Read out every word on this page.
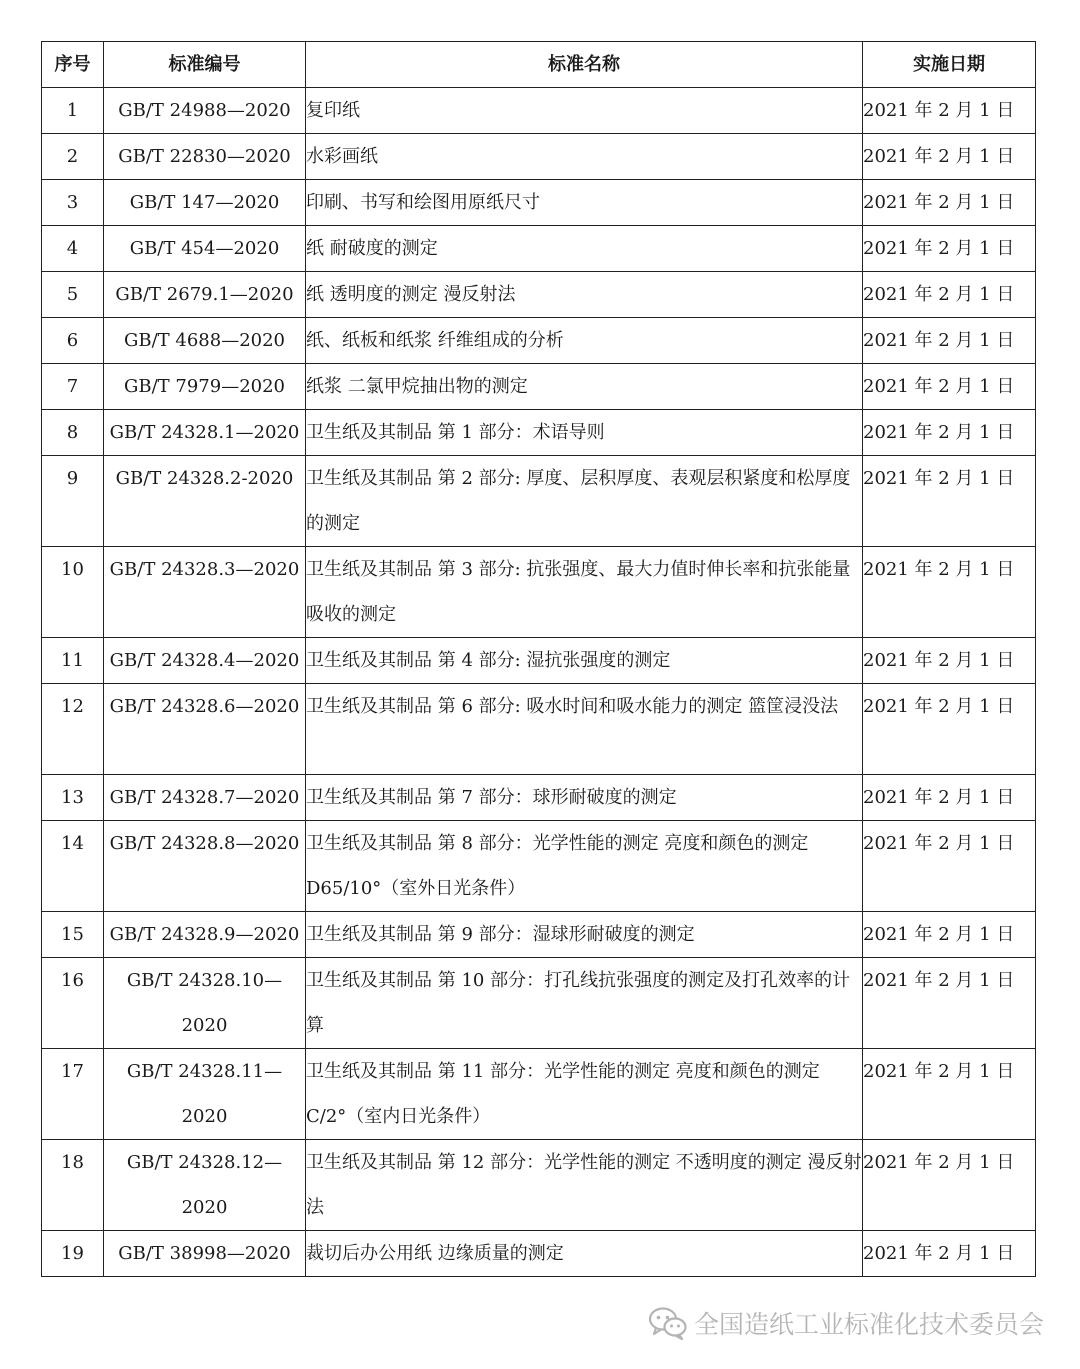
序号	标准编号	标准名称	实施日期
1	GB/T 24988—2020	复印纸	2021 年 2 月 1 日
2	GB/T 22830—2020	水彩画纸	2021 年 2 月 1 日
3	GB/T 147—2020	印刷、书写和绘图用原纸尺寸	2021 年 2 月 1 日
4	GB/T 454—2020	纸 耐破度的测定	2021 年 2 月 1 日
5	GB/T 2679.1—2020	纸 透明度的测定 漫反射法	2021 年 2 月 1 日
6	GB/T 4688—2020	纸、纸板和纸浆 纤维组成的分析	2021 年 2 月 1 日
7	GB/T 7979—2020	纸浆 二氯甲烷抽出物的测定	2021 年 2 月 1 日
8	GB/T 24328.1—2020	卫生纸及其制品 第 1 部分：术语导则	2021 年 2 月 1 日
9	GB/T 24328.2-2020	卫生纸及其制品 第 2 部分: 厚度、层积厚度、表观层积紧度和松厚度的测定	2021 年 2 月 1 日
10	GB/T 24328.3—2020	卫生纸及其制品 第 3 部分: 抗张强度、最大力值时伸长率和抗张能量吸收的测定	2021 年 2 月 1 日
11	GB/T 24328.4—2020	卫生纸及其制品 第 4 部分: 湿抗张强度的测定	2021 年 2 月 1 日
12	GB/T 24328.6—2020	卫生纸及其制品 第 6 部分: 吸水时间和吸水能力的测定 篮筐浸没法	2021 年 2 月 1 日
13	GB/T 24328.7—2020	卫生纸及其制品 第 7 部分：球形耐破度的测定	2021 年 2 月 1 日
14	GB/T 24328.8—2020	卫生纸及其制品 第 8 部分：光学性能的测定 亮度和颜色的测定 D65/10°（室外日光条件）	2021 年 2 月 1 日
15	GB/T 24328.9—2020	卫生纸及其制品 第 9 部分：湿球形耐破度的测定	2021 年 2 月 1 日
16	GB/T 24328.10—2020	卫生纸及其制品 第 10 部分：打孔线抗张强度的测定及打孔效率的计算	2021 年 2 月 1 日
17	GB/T 24328.11—2020	卫生纸及其制品 第 11 部分：光学性能的测定 亮度和颜色的测定 C/2°（室内日光条件）	2021 年 2 月 1 日
18	GB/T 24328.12—2020	卫生纸及其制品 第 12 部分：光学性能的测定 不透明度的测定 漫反射法	2021 年 2 月 1 日
19	GB/T 38998—2020	裁切后办公用纸 边缘质量的测定	2021 年 2 月 1 日
全国造纸工业标准化技术委员会
